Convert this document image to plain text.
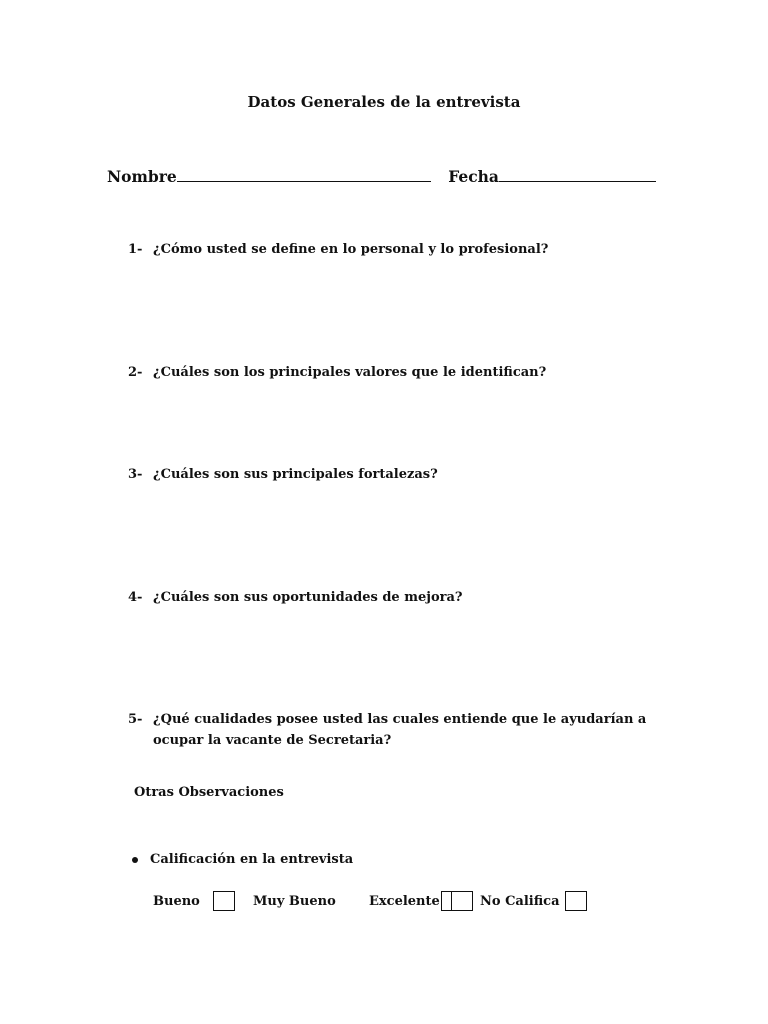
Datos Generales de la entrevista
Nombre	Fecha
1- ¿Cómo usted se define en lo personal y lo profesional?
2- ¿Cuáles son los principales valores que le identifican?
3- ¿Cuáles son sus principales fortalezas?
4- ¿Cuáles son sus oportunidades de mejora?
5- ¿Qué cualidades posee usted las cuales entiende que le ayudarían a ocupar la vacante de Secretaria?
Otras Observaciones
Calificación en la entrevista
Bueno	Muy Bueno	Excelente	No Califica
